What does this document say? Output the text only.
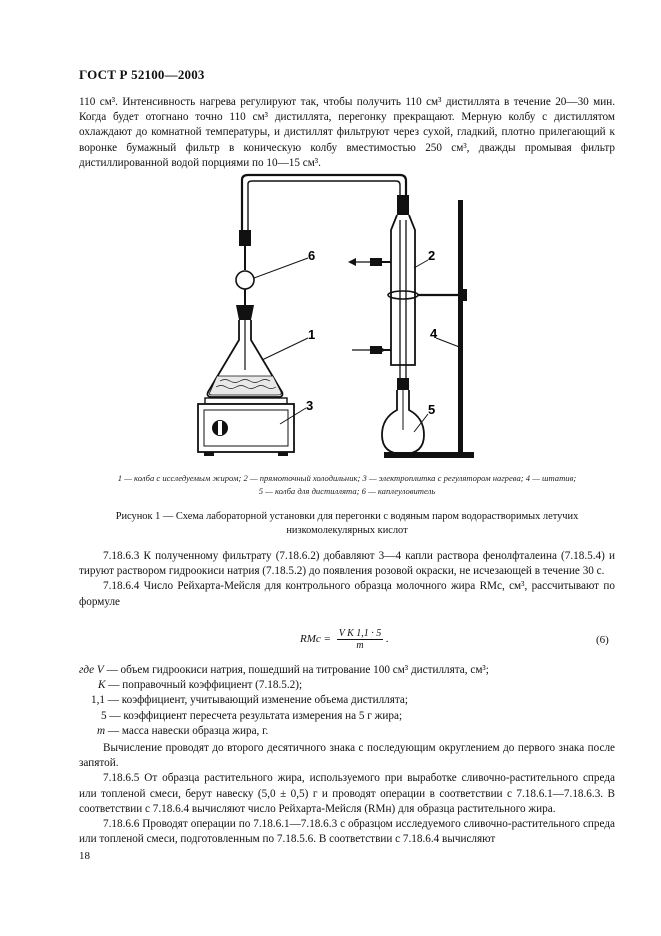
ГОСТ Р 52100—2003

110 см³. Интенсивность нагрева регулируют так, чтобы получить 110 см³ дистиллята в течение 20—30 мин. Когда будет отогнано точно 110 см³ дистиллята, перегонку прекращают. Мерную колбу с дистиллятом охлаждают до комнатной температуры, и дистиллят фильтруют через сухой, гладкий, плотно прилегающий к воронке бумажный фильтр в коническую колбу вместимостью 250 см³, дважды промывая фильтр дистиллированной водой порциями по 10—15 см³.

6
1
2
4
3	5
1 — колба с исследуемым жиром; 2 — прямоточный холодильник; 3 — электроплитка с регулятором нагрева; 4 — штатив;
5 — колба для дистиллята; 6 — каплеуловитель
Рисунок 1 — Схема лабораторной установки для перегонки с водяным паром водорастворимых летучих низкомолекулярных кислот

7.18.6.3 К полученному фильтрату (7.18.6.2) добавляют 3—4 капли раствора фенолфталеина (7.18.5.4) и тируют раствором гидроокиси натрия (7.18.5.2) до появления розовой окраски, не исчезающей в течение 30 с.

7.18.6.4 Число Рейхарта-Мейсля для контрольного образца молочного жира RMc, см³, рассчитывают по формуле

RMc = $\frac{\text{V K 1,1 · 5}}{m}$ .	(6)
где V — объем гидроокиси натрия, пошедший на титрование 100 см³ дистиллята, см³;
K — поправочный коэффициент (7.18.5.2);
1,1 — коэффициент, учитывающий изменение объема дистиллята;
5 — коэффициент пересчета результата измерения на 5 г жира;
m — масса навески образца жира, г.

Вычисление проводят до второго десятичного знака с последующим округлением до первого знака после запятой.

7.18.6.5 От образца растительного жира, используемого при выработке сливочно-растительного спреда или топленой смеси, берут навеску (5,0 ± 0,5) г и проводят операции в соответствии с 7.18.6.1—7.18.6.3. В соответствии с 7.18.6.4 вычисляют число Рейхарта-Мейсля (RMн) для образца растительного жира.

7.18.6.6 Проводят операции по 7.18.6.1—7.18.6.3 с образцом исследуемого сливочно-растительного спреда или топленой смеси, подготовленным по 7.18.5.6. В соответствии с 7.18.6.4 вычисляют

18
